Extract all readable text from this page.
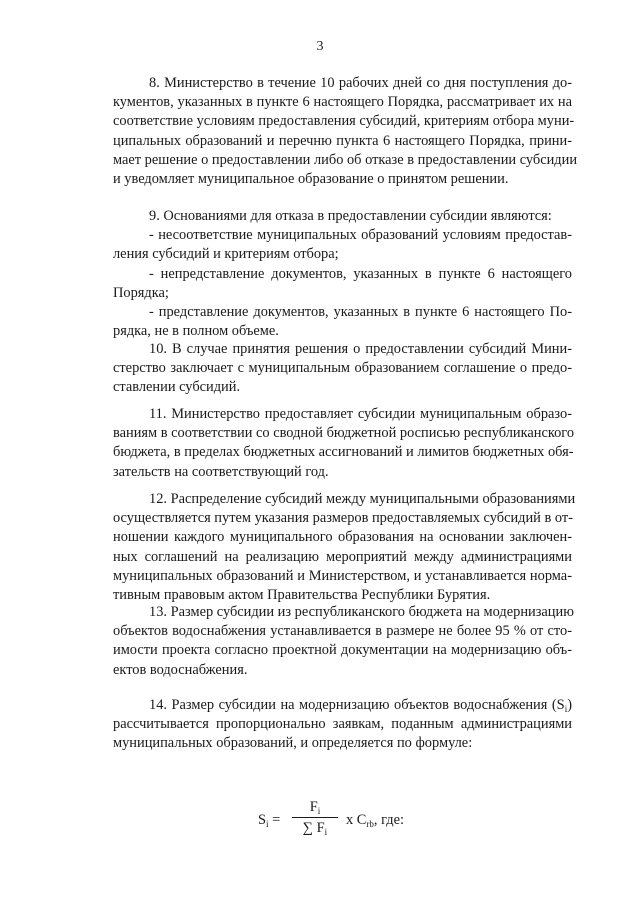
3
8. Министерство в течение 10 рабочих дней со дня поступления до-
кументов, указанных в пункте 6 настоящего Порядка, рассматривает их на
соответствие условиям предоставления субсидий, критериям отбора муни-
ципальных образований и перечню пункта 6 настоящего Порядка, прини-
мает решение о предоставлении либо об отказе в предоставлении субсидии
и уведомляет муниципальное образование о принятом решении.
9. Основаниями для отказа в предоставлении субсидии являются:
- несоответствие муниципальных образований условиям предостав-
ления субсидий и критериям отбора;
- непредставление документов, указанных в пункте 6 настоящего
Порядка;
- представление документов, указанных в пункте 6 настоящего По-
рядка, не в полном объеме.
10. В случае принятия решения о предоставлении субсидий Мини-
стерство заключает с муниципальным образованием соглашение о предо-
ставлении субсидий.
11. Министерство предоставляет субсидии муниципальным образо-
ваниям в соответствии со сводной бюджетной росписью республиканского
бюджета, в пределах бюджетных ассигнований и лимитов бюджетных обя-
зательств на соответствующий год.
12. Распределение субсидий между муниципальными образованиями
осуществляется путем указания размеров предоставляемых субсидий в от-
ношении каждого муниципального образования на основании заключен-
ных соглашений на реализацию мероприятий между администрациями
муниципальных образований и Министерством, и устанавливается норма-
тивным правовым актом Правительства Республики Бурятия.
13. Размер субсидии из республиканского бюджета на модернизацию
объектов водоснабжения устанавливается в размере не более 95 % от сто-
имости проекта согласно проектной документации на модернизацию объ-
ектов водоснабжения.
14. Размер субсидии на модернизацию объектов водоснабжения $(S_i)$
рассчитывается пропорционально заявкам, поданным администрациями
муниципальных образований, и определяется по формуле:
$S_i$ =
$F_i$
∑ $F_i$
х $C_{rb}$, где:
